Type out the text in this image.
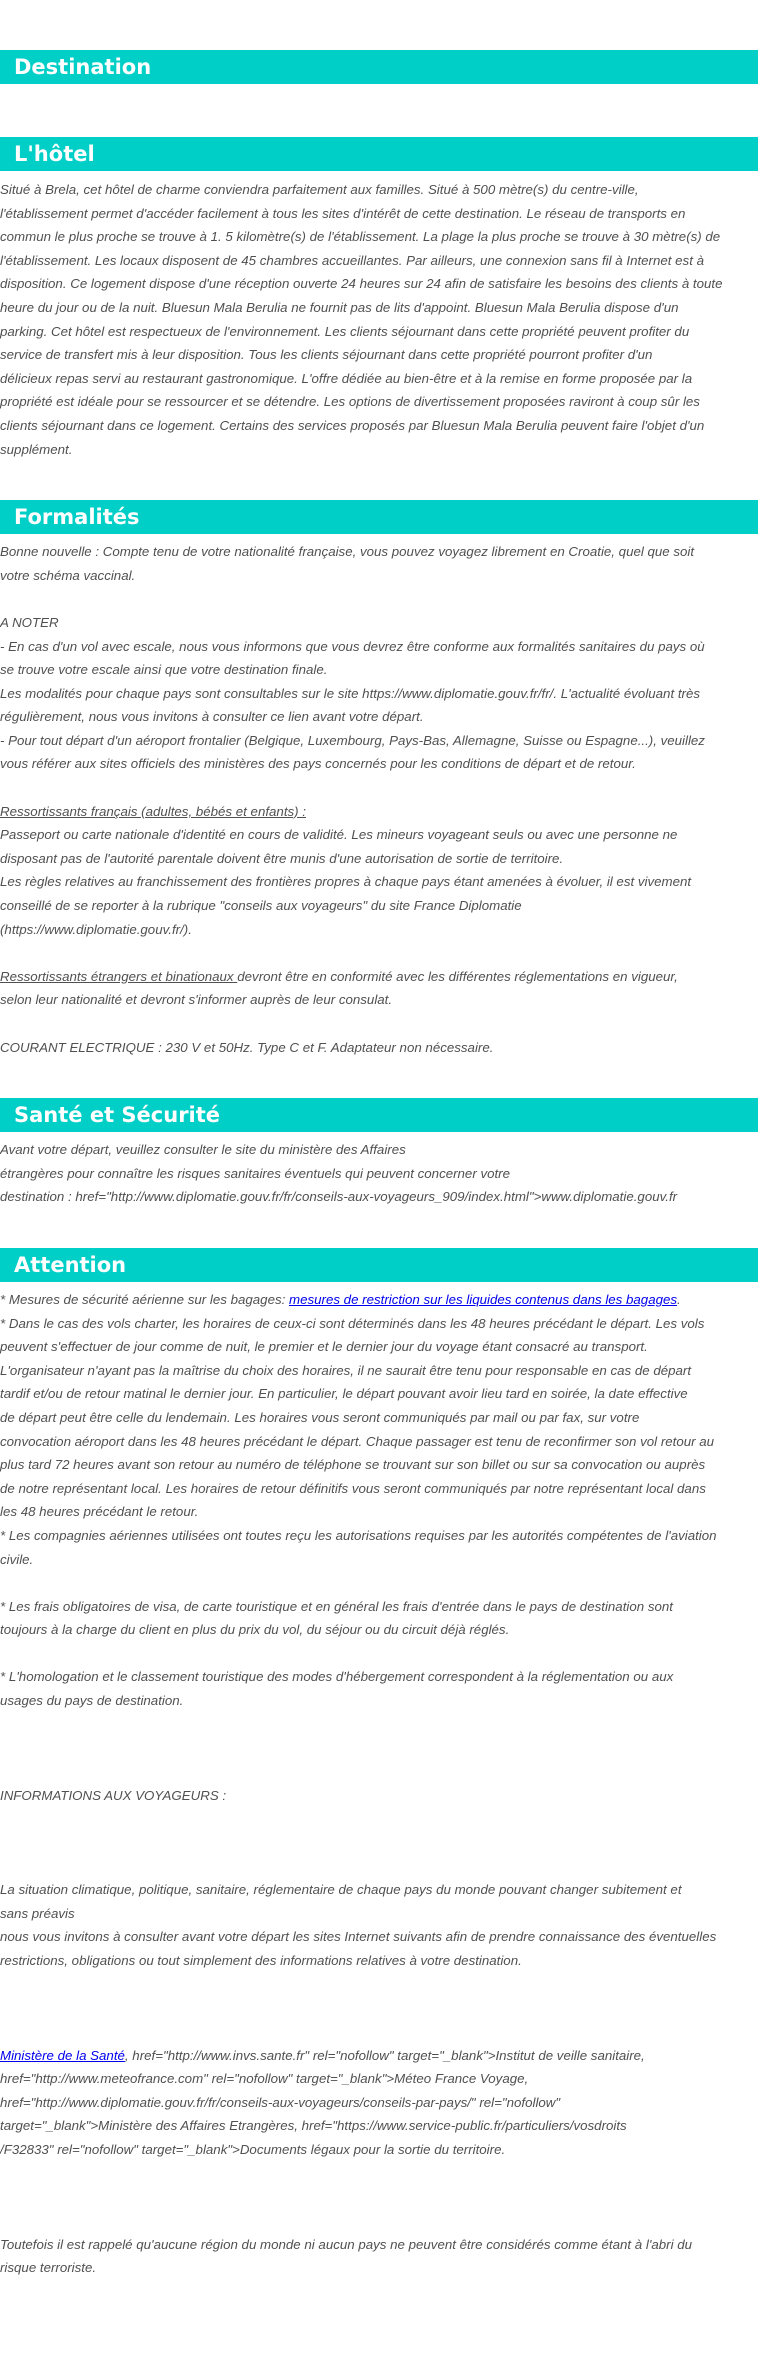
Destination
L'hôtel

Situé à Brela, cet hôtel de charme conviendra parfaitement aux familles. Situé à 500 mètre(s) du centre-ville,
l'établissement permet d'accéder facilement à tous les sites d'intérêt de cette destination. Le réseau de transports en
commun le plus proche se trouve à 1. 5 kilomètre(s) de l'établissement. La plage la plus proche se trouve à 30 mètre(s) de
l'établissement. Les locaux disposent de 45 chambres accueillantes. Par ailleurs, une connexion sans fil à Internet est à
disposition. Ce logement dispose d'une réception ouverte 24 heures sur 24 afin de satisfaire les besoins des clients à toute
heure du jour ou de la nuit. Bluesun Mala Berulia ne fournit pas de lits d'appoint. Bluesun Mala Berulia dispose d'un
parking. Cet hôtel est respectueux de l'environnement. Les clients séjournant dans cette propriété peuvent profiter du
service de transfert mis à leur disposition. Tous les clients séjournant dans cette propriété pourront profiter d'un
délicieux repas servi au restaurant gastronomique. L'offre dédiée au bien-être et à la remise en forme proposée par la
propriété est idéale pour se ressourcer et se détendre. Les options de divertissement proposées raviront à coup sûr les
clients séjournant dans ce logement. Certains des services proposés par Bluesun Mala Berulia peuvent faire l'objet d'un
supplément.

Formalités

Bonne nouvelle : Compte tenu de votre nationalité française, vous pouvez voyagez librement en Croatie, quel que soit
votre schéma vaccinal.

A NOTER
- En cas d'un vol avec escale, nous vous informons que vous devrez être conforme aux formalités sanitaires du pays où
se trouve votre escale ainsi que votre destination finale.
Les modalités pour chaque pays sont consultables sur le site https://www.diplomatie.gouv.fr/fr/. L'actualité évoluant très
régulièrement, nous vous invitons à consulter ce lien avant votre départ.
- Pour tout départ d'un aéroport frontalier (Belgique, Luxembourg, Pays-Bas, Allemagne, Suisse ou Espagne...), veuillez
vous référer aux sites officiels des ministères des pays concernés pour les conditions de départ et de retour.

Ressortissants français (adultes, bébés et enfants) :
Passeport ou carte nationale d'identité en cours de validité. Les mineurs voyageant seuls ou avec une personne ne
disposant pas de l'autorité parentale doivent être munis d'une autorisation de sortie de territoire.
Les règles relatives au franchissement des frontières propres à chaque pays étant amenées à évoluer, il est vivement
conseillé de se reporter à la rubrique "conseils aux voyageurs" du site France Diplomatie
(https://www.diplomatie.gouv.fr/).

Ressortissants étrangers et binationaux devront être en conformité avec les différentes réglementations en vigueur,
selon leur nationalité et devront s'informer auprès de leur consulat.

COURANT ELECTRIQUE : 230 V et 50Hz. Type C et F. Adaptateur non nécessaire.

Santé et Sécurité

Avant votre départ, veuillez consulter le site du ministère des Affaires
étrangères pour connaître les risques sanitaires éventuels qui peuvent concerner votre

destination : href="http://www.diplomatie.gouv.fr/fr/conseils-aux-voyageurs_909/index.html">www.diplomatie.gouv.fr

Attention

* Mesures de sécurité aérienne sur les bagages: mesures de restriction sur les liquides contenus dans les bagages.

* Dans le cas des vols charter, les horaires de ceux-ci sont déterminés dans les 48 heures précédant le départ. Les vols
peuvent s'effectuer de jour comme de nuit, le premier et le dernier jour du voyage étant consacré au transport.
L'organisateur n'ayant pas la maîtrise du choix des horaires, il ne saurait être tenu pour responsable en cas de départ
tardif et/ou de retour matinal le dernier jour. En particulier, le départ pouvant avoir lieu tard en soirée, la date effective
de départ peut être celle du lendemain. Les horaires vous seront communiqués par mail ou par fax, sur votre
convocation aéroport dans les 48 heures précédant le départ. Chaque passager est tenu de reconfirmer son vol retour au
plus tard 72 heures avant son retour au numéro de téléphone se trouvant sur son billet ou sur sa convocation ou auprès
de notre représentant local. Les horaires de retour définitifs vous seront communiqués par notre représentant local dans
les 48 heures précédant le retour.
* Les compagnies aériennes utilisées ont toutes reçu les autorisations requises par les autorités compétentes de l'aviation
civile.

* Les frais obligatoires de visa, de carte touristique et en général les frais d'entrée dans le pays de destination sont
toujours à la charge du client en plus du prix du vol, du séjour ou du circuit déjà réglés.

* L'homologation et le classement touristique des modes d'hébergement correspondent à la réglementation ou aux
usages du pays de destination.

INFORMATIONS AUX VOYAGEURS :

La situation climatique, politique, sanitaire, réglementaire de chaque pays du monde pouvant changer subitement et
sans préavis
nous vous invitons à consulter avant votre départ les sites Internet suivants afin de prendre connaissance des éventuelles
restrictions, obligations ou tout simplement des informations relatives à votre destination.

Ministère de la Santé, href="http://www.invs.sante.fr" rel="nofollow" target="_blank">Institut de veille sanitaire,
href="http://www.meteofrance.com" rel="nofollow" target="_blank">Méteo France Voyage,
href="http://www.diplomatie.gouv.fr/fr/conseils-aux-voyageurs/conseils-par-pays/" rel="nofollow"
target="_blank">Ministère des Affaires Etrangères, href="https://www.service-public.fr/particuliers/vosdroits
/F32833" rel="nofollow" target="_blank">Documents légaux pour la sortie du territoire.

Toutefois il est rappelé qu'aucune région du monde ni aucun pays ne peuvent être considérés comme étant à l'abri du
risque terroriste.
